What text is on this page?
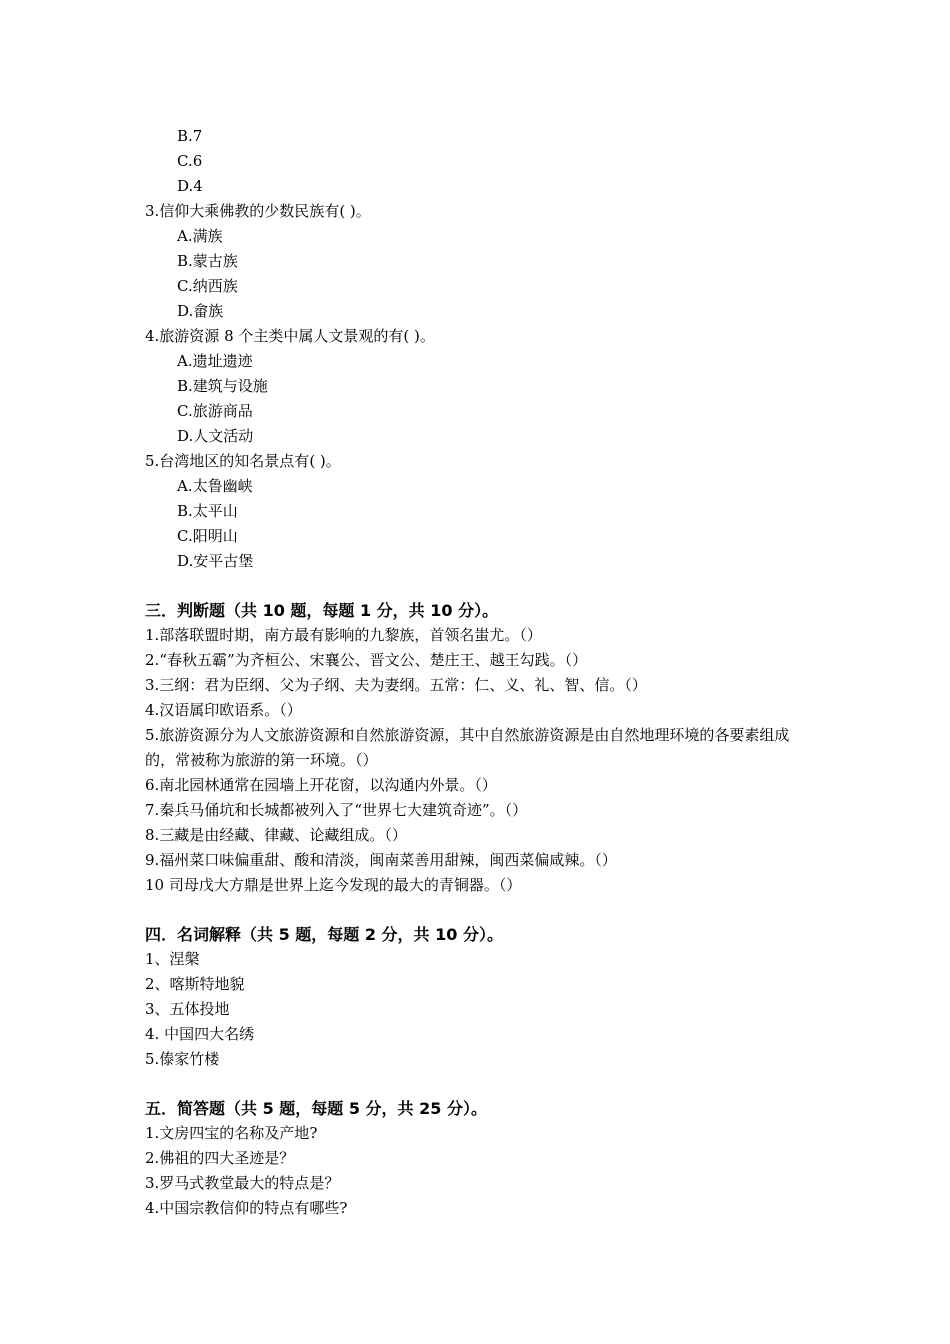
B.7
C.6
D.4
3.信仰大乘佛教的少数民族有( )。
A.满族
B.蒙古族
C.纳西族
D.畲族
4.旅游资源 8 个主类中属人文景观的有( )。
A.遗址遗迹
B.建筑与设施
C.旅游商品
D.人文活动
5.台湾地区的知名景点有( )。
A.太鲁幽峡
B.太平山
C.阳明山
D.安平古堡
三．判断题（共 10 题，每题 1 分，共 10 分）。
1.部落联盟时期，南方最有影响的九黎族，首领名蚩尤。（）
2.“春秋五霸”为齐桓公、宋襄公、晋文公、楚庄王、越王勾践。（）
3.三纲：君为臣纲、父为子纲、夫为妻纲。五常：仁、义、礼、智、信。（）
4.汉语属印欧语系。（）
5.旅游资源分为人文旅游资源和自然旅游资源，其中自然旅游资源是由自然地理环境的各要素组成的，常被称为旅游的第一环境。（）
6.南北园林通常在园墙上开花窗，以沟通内外景。（）
7.秦兵马俑坑和长城都被列入了“世界七大建筑奇迹”。（）
8.三藏是由经藏、律藏、论藏组成。（）
9.福州菜口味偏重甜、酸和清淡，闽南菜善用甜辣，闽西菜偏咸辣。（）
10 司母戊大方鼎是世界上迄今发现的最大的青铜器。（）
四．名词解释（共 5 题，每题 2 分，共 10 分）。
1、涅槃
2、喀斯特地貌
3、五体投地
4. 中国四大名绣
5.傣家竹楼
五．简答题（共 5 题，每题 5 分，共 25 分）。
1.文房四宝的名称及产地?
2.佛祖的四大圣迹是？
3.罗马式教堂最大的特点是？
4.中国宗教信仰的特点有哪些?
